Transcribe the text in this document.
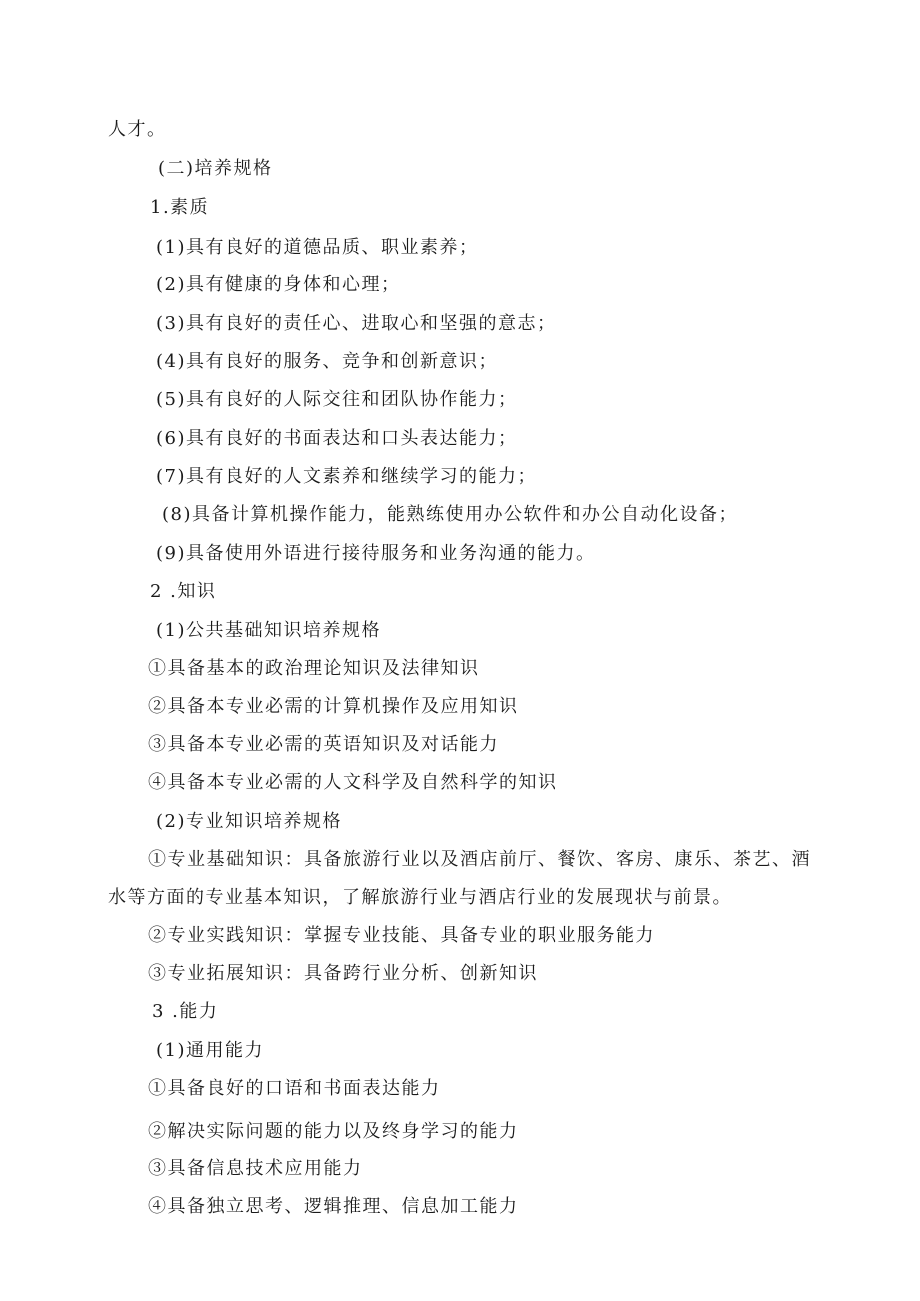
人才。
(二)培养规格
1.素质
(1)具有良好的道德品质、职业素养；
(2)具有健康的身体和心理；
(3)具有良好的责任心、进取心和坚强的意志；
(4)具有良好的服务、竞争和创新意识；
(5)具有良好的人际交往和团队协作能力；
(6)具有良好的书面表达和口头表达能力；
(7)具有良好的人文素养和继续学习的能力；
(8)具备计算机操作能力，能熟练使用办公软件和办公自动化设备；
(9)具备使用外语进行接待服务和业务沟通的能力。
2 .知识
(1)公共基础知识培养规格
①具备基本的政治理论知识及法律知识
②具备本专业必需的计算机操作及应用知识
③具备本专业必需的英语知识及对话能力
④具备本专业必需的人文科学及自然科学的知识
(2)专业知识培养规格
①专业基础知识：具备旅游行业以及酒店前厅、餐饮、客房、康乐、茶艺、酒
水等方面的专业基本知识，了解旅游行业与酒店行业的发展现状与前景。
②专业实践知识：掌握专业技能、具备专业的职业服务能力
③专业拓展知识：具备跨行业分析、创新知识
3 .能力
(1)通用能力
①具备良好的口语和书面表达能力
②解决实际问题的能力以及终身学习的能力
③具备信息技术应用能力
④具备独立思考、逻辑推理、信息加工能力
